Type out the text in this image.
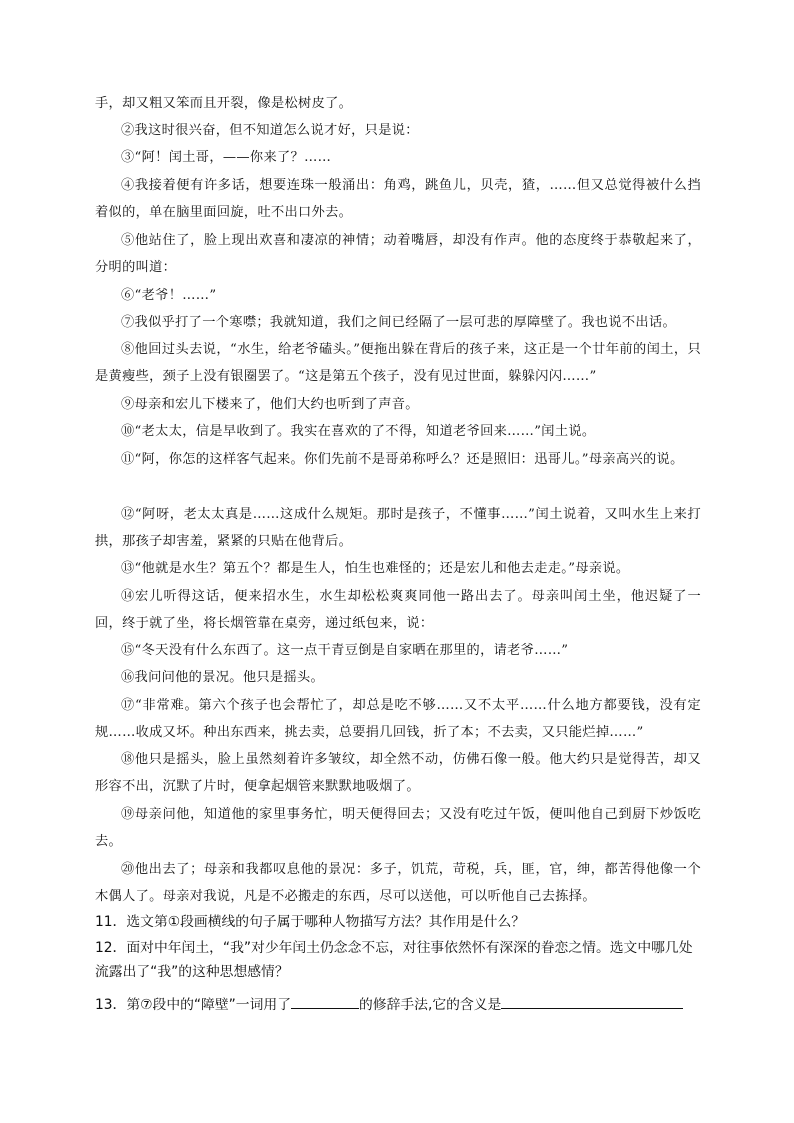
手，却又粗又笨而且开裂，像是松树皮了。

②我这时很兴奋，但不知道怎么说才好，只是说：

③“阿！闰土哥，——你来了？……

④我接着便有许多话，想要连珠一般涌出：角鸡，跳鱼儿，贝壳，猹，……但又总觉得被什么挡着似的，单在脑里面回旋，吐不出口外去。

⑤他站住了，脸上现出欢喜和凄凉的神情；动着嘴唇，却没有作声。他的态度终于恭敬起来了，分明的叫道：

⑥“老爷！……”

⑦我似乎打了一个寒噤；我就知道，我们之间已经隔了一层可悲的厚障壁了。我也说不出话。

⑧他回过头去说，“水生，给老爷磕头。”便拖出躲在背后的孩子来，这正是一个廿年前的闰土，只是黄瘦些，颈子上没有银圈罢了。“这是第五个孩子，没有见过世面，躲躲闪闪……”

⑨母亲和宏儿下楼来了，他们大约也听到了声音。

⑩“老太太，信是早收到了。我实在喜欢的了不得，知道老爷回来……”闰土说。

⑪“阿，你怎的这样客气起来。你们先前不是哥弟称呼么？还是照旧：迅哥儿。”母亲高兴的说。

⑫“阿呀，老太太真是……这成什么规矩。那时是孩子，不懂事……”闰土说着，又叫水生上来打拱，那孩子却害羞，紧紧的只贴在他背后。

⑬“他就是水生？第五个？都是生人，怕生也难怪的；还是宏儿和他去走走。”母亲说。

⑭宏儿听得这话，便来招水生，水生却松松爽爽同他一路出去了。母亲叫闰土坐，他迟疑了一回，终于就了坐，将长烟管靠在桌旁，递过纸包来，说：

⑮“冬天没有什么东西了。这一点干青豆倒是自家晒在那里的，请老爷……”

⑯我问问他的景况。他只是摇头。

⑰“非常难。第六个孩子也会帮忙了，却总是吃不够……又不太平……什么地方都要钱，没有定规……收成又坏。种出东西来，挑去卖，总要捐几回钱，折了本；不去卖，又只能烂掉……”

⑱他只是摇头，脸上虽然刻着许多皱纹，却全然不动，仿佛石像一般。他大约只是觉得苦，却又形容不出，沉默了片时，便拿起烟管来默默地吸烟了。

⑲母亲问他，知道他的家里事务忙，明天便得回去；又没有吃过午饭，便叫他自己到厨下炒饭吃去。

⑳他出去了；母亲和我都叹息他的景况：多子，饥荒，苛税，兵，匪，官，绅，都苦得他像一个木偶人了。母亲对我说，凡是不必搬走的东西，尽可以送他，可以听他自己去拣择。

11．选文第①段画横线的句子属于哪种人物描写方法？其作用是什么？

12．面对中年闰土，“我”对少年闰土仍念念不忘，对往事依然怀有深深的眷恋之情。选文中哪几处流露出了“我”的这种思想感情？

13．第⑦段中的“障壁”一词用了	的修辞手法,它的含义是
